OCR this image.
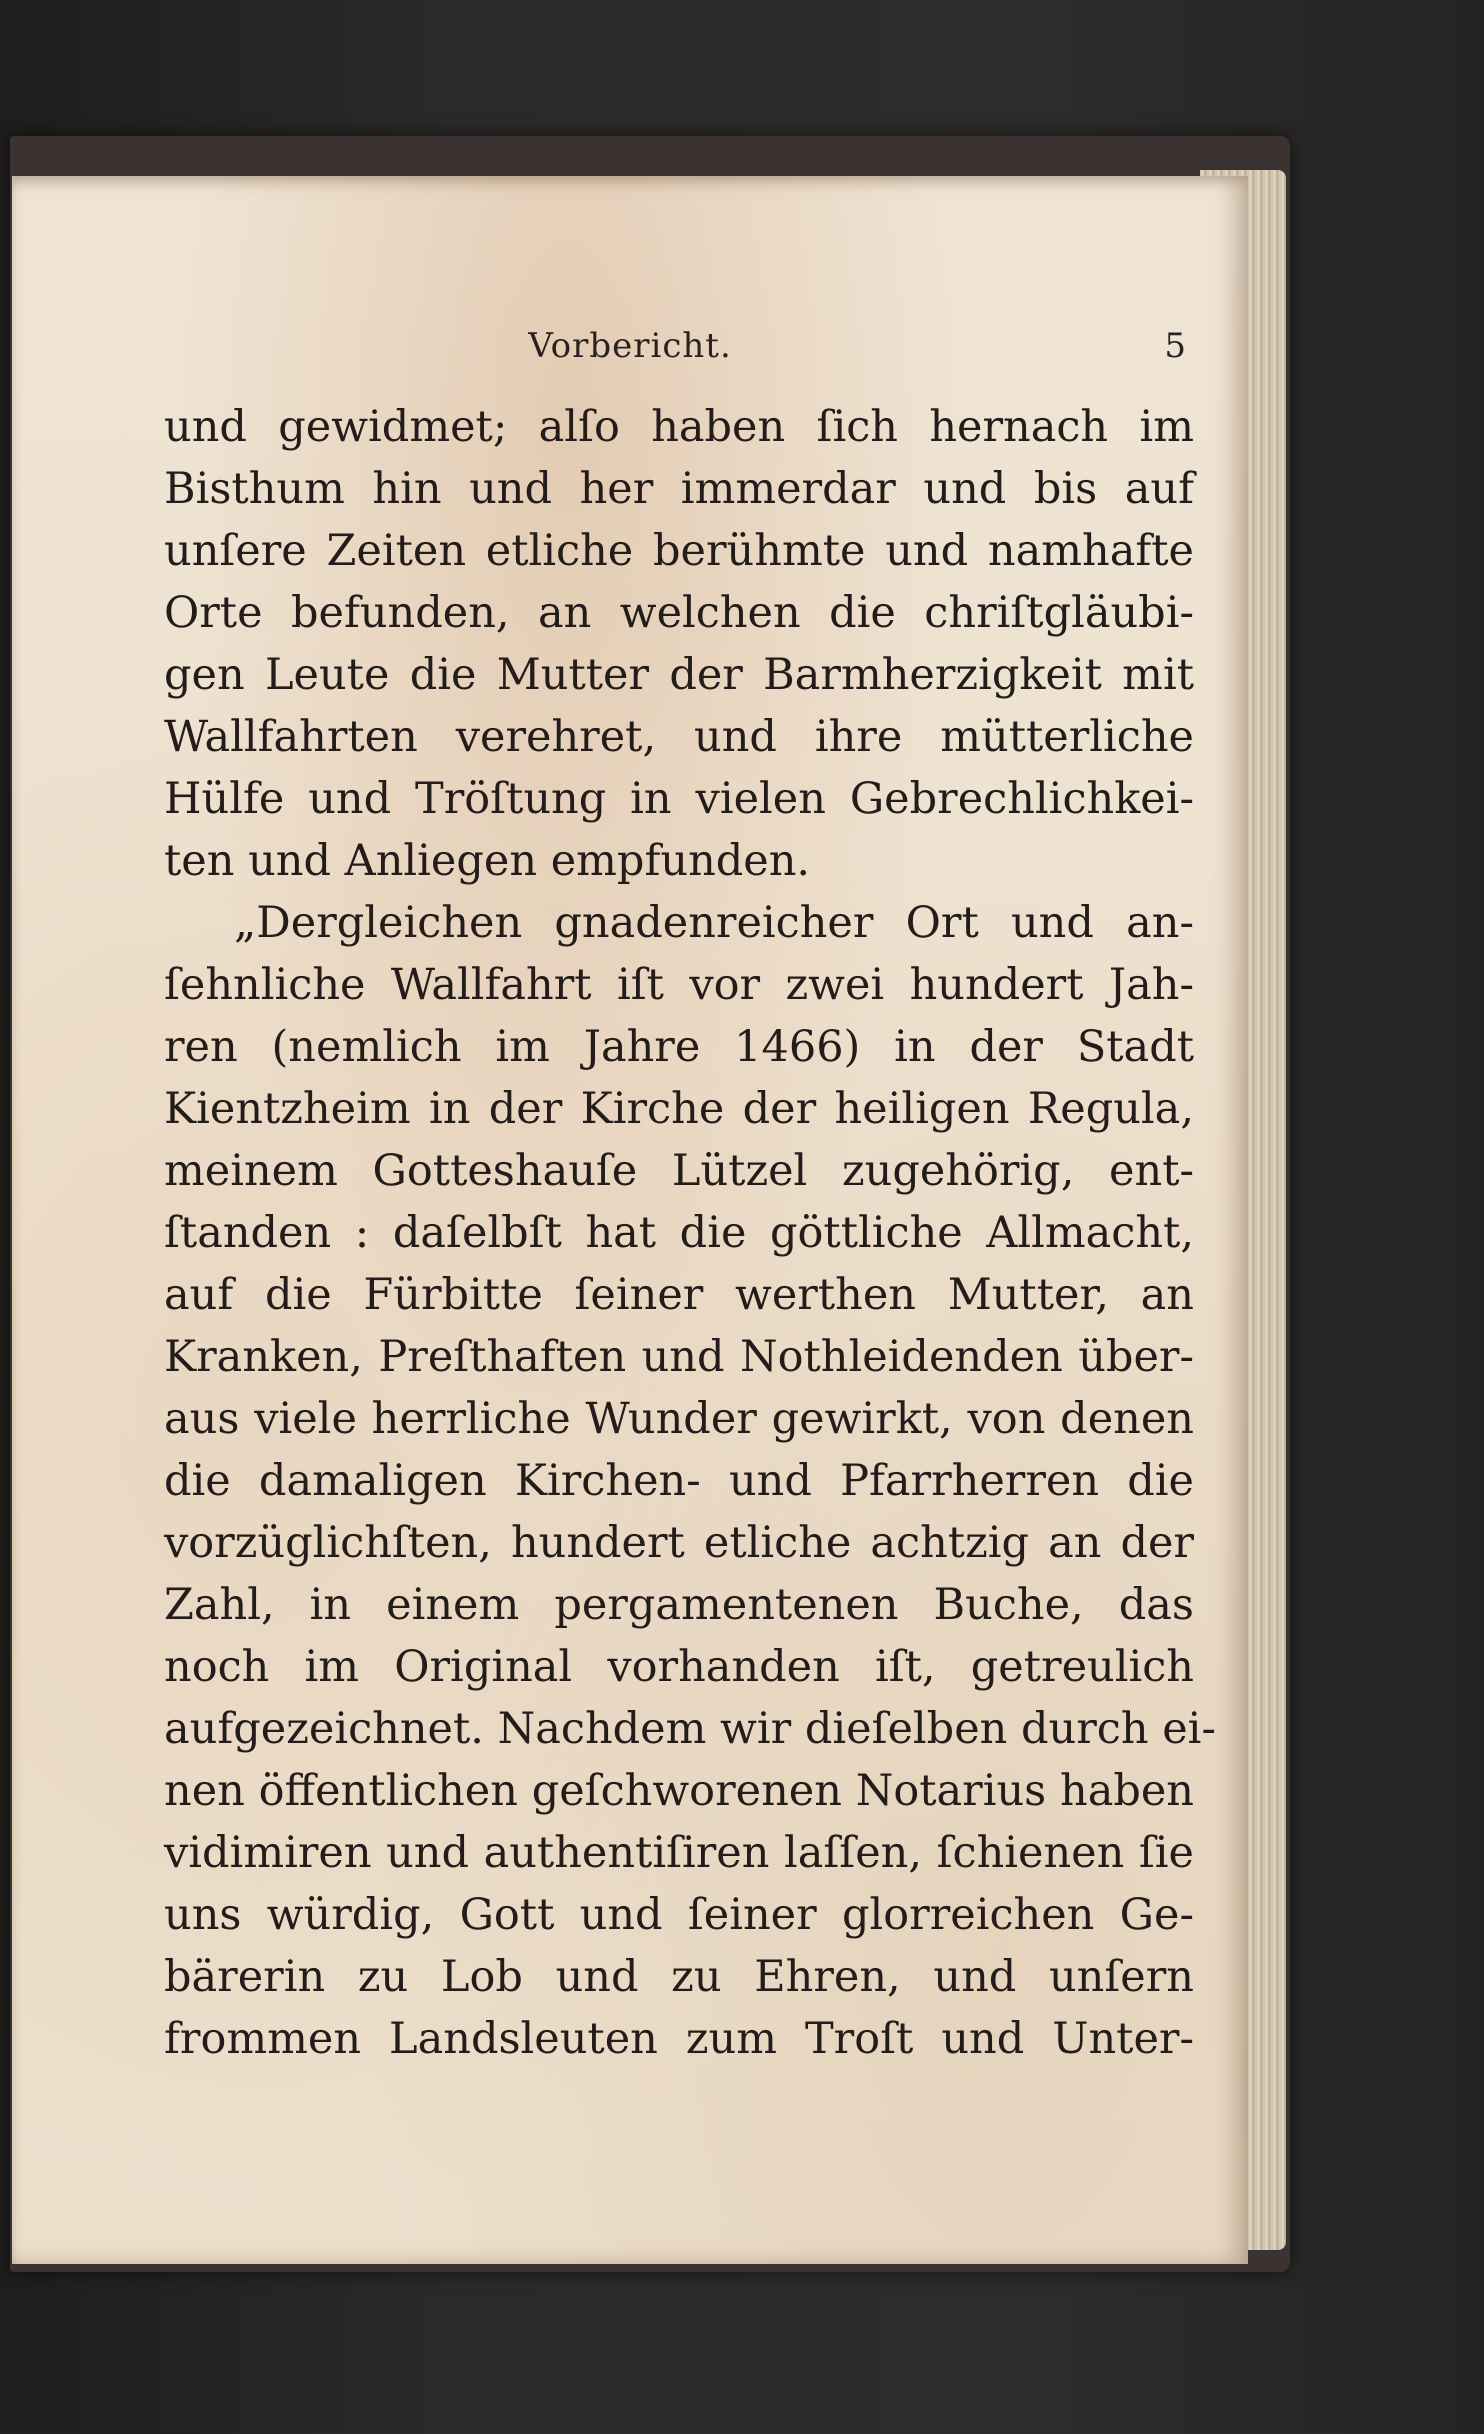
Vorbericht.	5
und gewidmet; alſo haben ſich hernach im
Bisthum hin und her immerdar und bis auf
unſere Zeiten etliche berühmte und namhafte
Orte befunden, an welchen die chriſtgläubi-
gen Leute die Mutter der Barmherzigkeit mit
Wallfahrten verehret, und ihre mütterliche
Hülfe und Tröſtung in vielen Gebrechlichkei-
ten und Anliegen empfunden.
„Dergleichen gnadenreicher Ort und an-
ſehnliche Wallfahrt iſt vor zwei hundert Jah-
ren (nemlich im Jahre 1466) in der Stadt
Kientzheim in der Kirche der heiligen Regula,
meinem Gotteshauſe Lützel zugehörig, ent-
ſtanden : daſelbſt hat die göttliche Allmacht,
auf die Fürbitte ſeiner werthen Mutter, an
Kranken, Preſthaften und Nothleidenden über-
aus viele herrliche Wunder gewirkt, von denen
die damaligen Kirchen- und Pfarrherren die
vorzüglichſten, hundert etliche achtzig an der
Zahl, in einem pergamentenen Buche, das
noch im Original vorhanden iſt, getreulich
aufgezeichnet. Nachdem wir dieſelben durch ei-
nen öffentlichen geſchworenen Notarius haben
vidimiren und authentiſiren laſſen, ſchienen ſie
uns würdig, Gott und ſeiner glorreichen Ge-
bärerin zu Lob und zu Ehren, und unſern
frommen Landsleuten zum Troſt und Unter-
